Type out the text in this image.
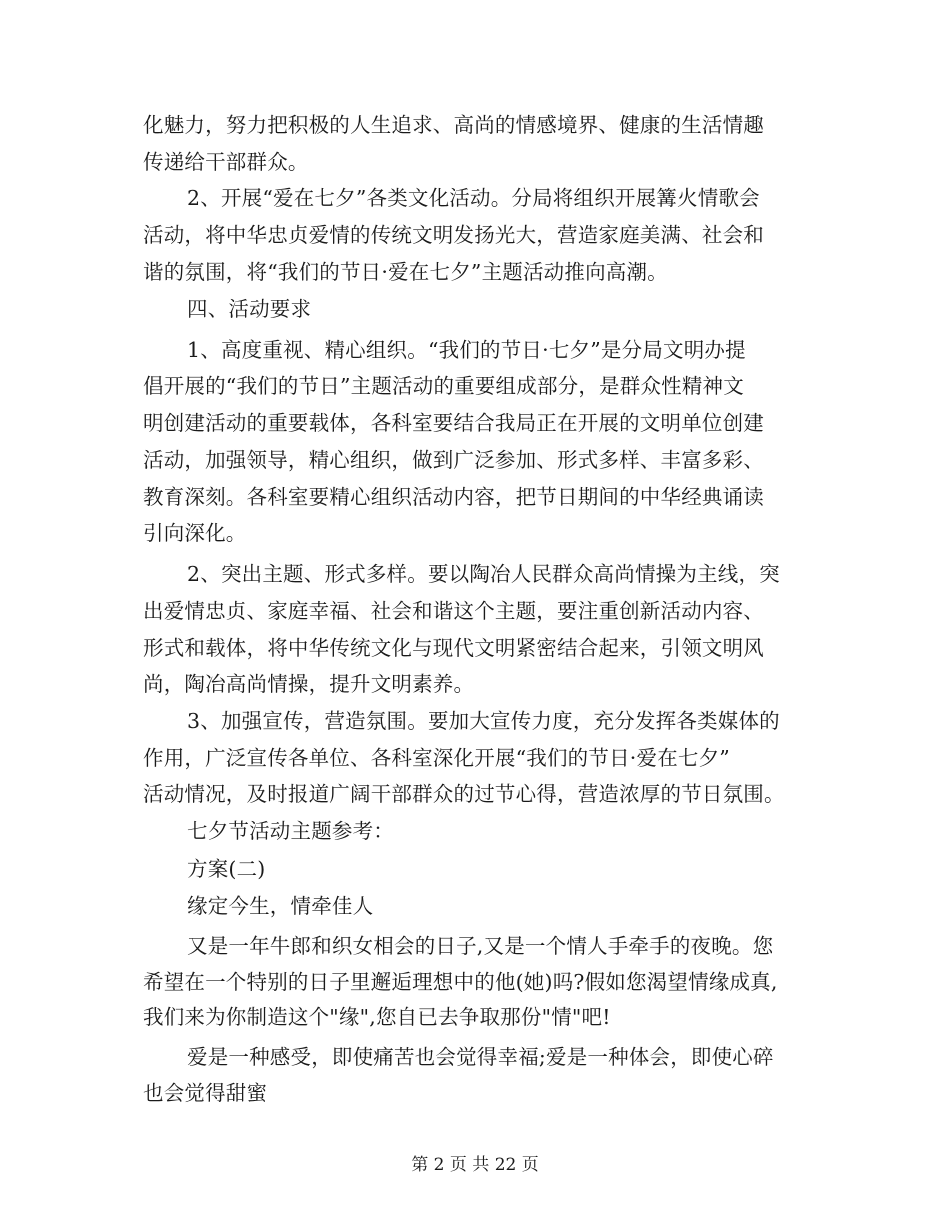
化魅力，努力把积极的人生追求、高尚的情感境界、健康的生活情趣
传递给干部群众。
2、开展“爱在七夕”各类文化活动。分局将组织开展篝火情歌会
活动，将中华忠贞爱情的传统文明发扬光大，营造家庭美满、社会和
谐的氛围，将“我们的节日·爱在七夕”主题活动推向高潮。
四、活动要求
1、高度重视、精心组织。“我们的节日·七夕”是分局文明办提
倡开展的“我们的节日”主题活动的重要组成部分，是群众性精神文
明创建活动的重要载体，各科室要结合我局正在开展的文明单位创建
活动，加强领导，精心组织，做到广泛参加、形式多样、丰富多彩、
教育深刻。各科室要精心组织活动内容，把节日期间的中华经典诵读
引向深化。
2、突出主题、形式多样。要以陶冶人民群众高尚情操为主线，突
出爱情忠贞、家庭幸福、社会和谐这个主题，要注重创新活动内容、
形式和载体，将中华传统文化与现代文明紧密结合起来，引领文明风
尚，陶冶高尚情操，提升文明素养。
3、加强宣传，营造氛围。要加大宣传力度，充分发挥各类媒体的
作用，广泛宣传各单位、各科室深化开展“我们的节日·爱在七夕”
活动情况，及时报道广阔干部群众的过节心得，营造浓厚的节日氛围。
七夕节活动主题参考：
方案(二)
缘定今生，情牵佳人
又是一年牛郎和织女相会的日子,又是一个情人手牵手的夜晚。您
希望在一个特别的日子里邂逅理想中的他(她)吗?假如您渴望情缘成真,
我们来为你制造这个"缘",您自已去争取那份"情"吧!
爱是一种感受，即使痛苦也会觉得幸福;爱是一种体会，即使心碎
也会觉得甜蜜
第 2 页 共 22 页
